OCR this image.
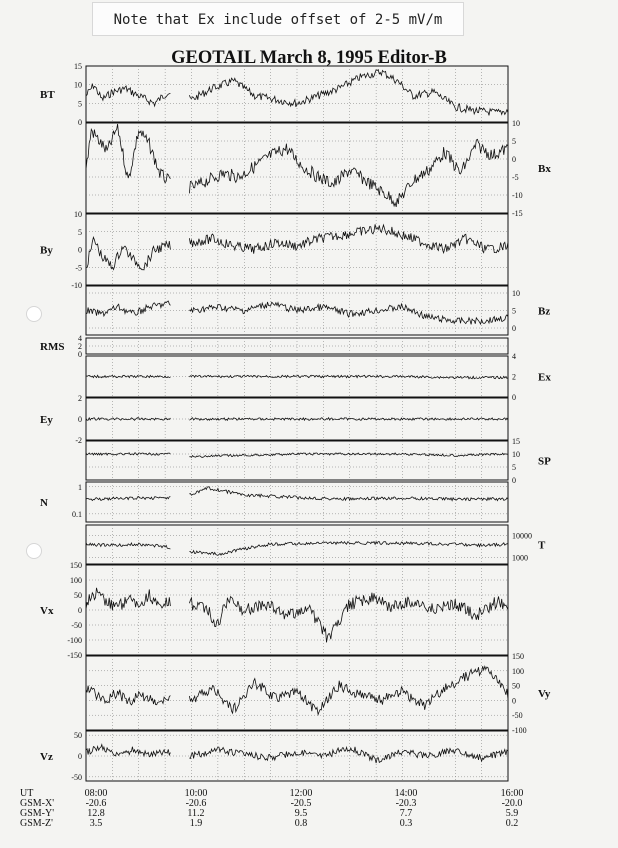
Note that Ex include offset of 2-5 mV/m
GEOTAIL March 8, 1995 Editor-B
15
10
5
0
BT
10
5
0
-5
-10
-15
Bx
10
5
0
-5
-10
By
10
5
0
Bz
4
2
0
RMS
4
2
0
Ex
2
0
-2
Ey
15
10
5
0
SP
1
0.1
N
10000
1000
T
150
100
50
0
-50
-100
-150
Vx
150
100
50
0
-50
-100
Vy
50
0
-50
Vz
UT	08:00	10:00	12:00	14:00	16:00
GSM-X'	-20.6	-20.6	-20.5	-20.3	-20.0
GSM-Y'	12.8	11.2	9.5	7.7	5.9
GSM-Z'	3.5	1.9	0.8	0.3	0.2
